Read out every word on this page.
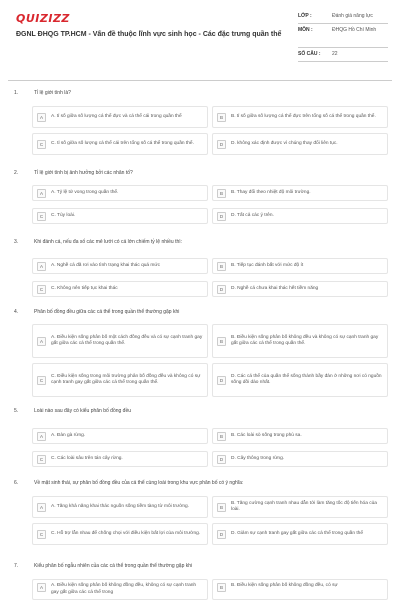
QUIZIZZ
ĐGNL ĐHQG TP.HCM - Vấn đề thuộc lĩnh vực sinh học - Các đặc trưng quần thể
LỚP :	Đánh giá năng lực
MÔN :	ĐHQG Hồ Chí Minh
SỐ CÂU :	22
1.	Tỉ lệ giới tính là?
A	A. tỉ số giữa số lượng cá thể đực và cá thể cái trong quần thể	B	B. tỉ số giữa số lượng cá thể đực trên tổng số cá thể trong quần thể.
C	C. tỉ số giữa số lượng cá thể cái trên tổng số cá thể trong quần thể.	D	D. không xác định được vì chúng thay đổi liên tục.
2.	Tỉ lệ giới tính bị ảnh hưởng bởi các nhân tố?
A	A. Tỷ lệ tử vong trong quần thể.	B	B. Thay đổi theo nhiệt độ môi trường.
C	C. Tùy loài.	D	D. Tất cả các ý trên.
3.	Khi đánh cá, nếu đa số các mẻ lưới có cá lớn chiếm tỷ lệ nhiều thì:
A	A. Nghề cá đã rơi vào tình trạng khai thác quá mức	B	B. Tiếp tục đánh bắt với mức độ ít
C	C. Không nên tiếp tục khai thác	D	D. Nghề cá chưa khai thác hết tiềm năng
4.	Phân bố đồng đều giữa các cá thể trong quần thể thường gặp khi
A
A. Điều kiện sống phân bố một cách đồng đều và có sự cạnh tranh gay gắt giữa các cá thể trong quần thể.	B
B. Điều kiện sống phân bố không đều và không có sự cạnh tranh gay gắt giữa các cá thể trong quần thể.
C
C. Điều kiện sống trong môi trường phân bố đồng đều và không có sự cạnh tranh gay gắt giữa các cá thể trong quần thể.	D
D. Các cá thể của quần thể sống thành bầy đàn ở những nơi có nguồn sống dồi dào nhất.
5.	Loài nào sau đây có kiểu phân bố đồng đều
A	A. Đàn gà rừng.	B	B. Các loài sò sống trong phù sa.
C	C. Các loài sâu trên tán cây rừng.	D	D. Cây thông trong rừng.
6.	Về mặt sinh thái, sự phân bố đồng đều của cá thể cùng loài trong khu vực phân bố có ý nghĩa:
A	A. Tăng khả năng khai thác nguồn sống tiềm tàng từ môi trường.	B
B. Tăng cường cạnh tranh nhau dẫn tới làm tăng tốc độ tiến hóa của loài.
C	C. Hỗ trợ lẫn nhau để chống chọi với điều kiện bất lợi của môi trường.	D	D. Giảm sự cạnh tranh gay gắt giữa các cá thể trong quần thể
7.	Kiểu phân bố ngẫu nhiên của các cá thể trong quần thể thường gặp khi
A	A. Điều kiện sống phân bố không đồng đều, không có sự cạnh tranh gay gắt giữa các cá thể trong
B	B. Điều kiện sống phân bố không đồng đều, có sự
